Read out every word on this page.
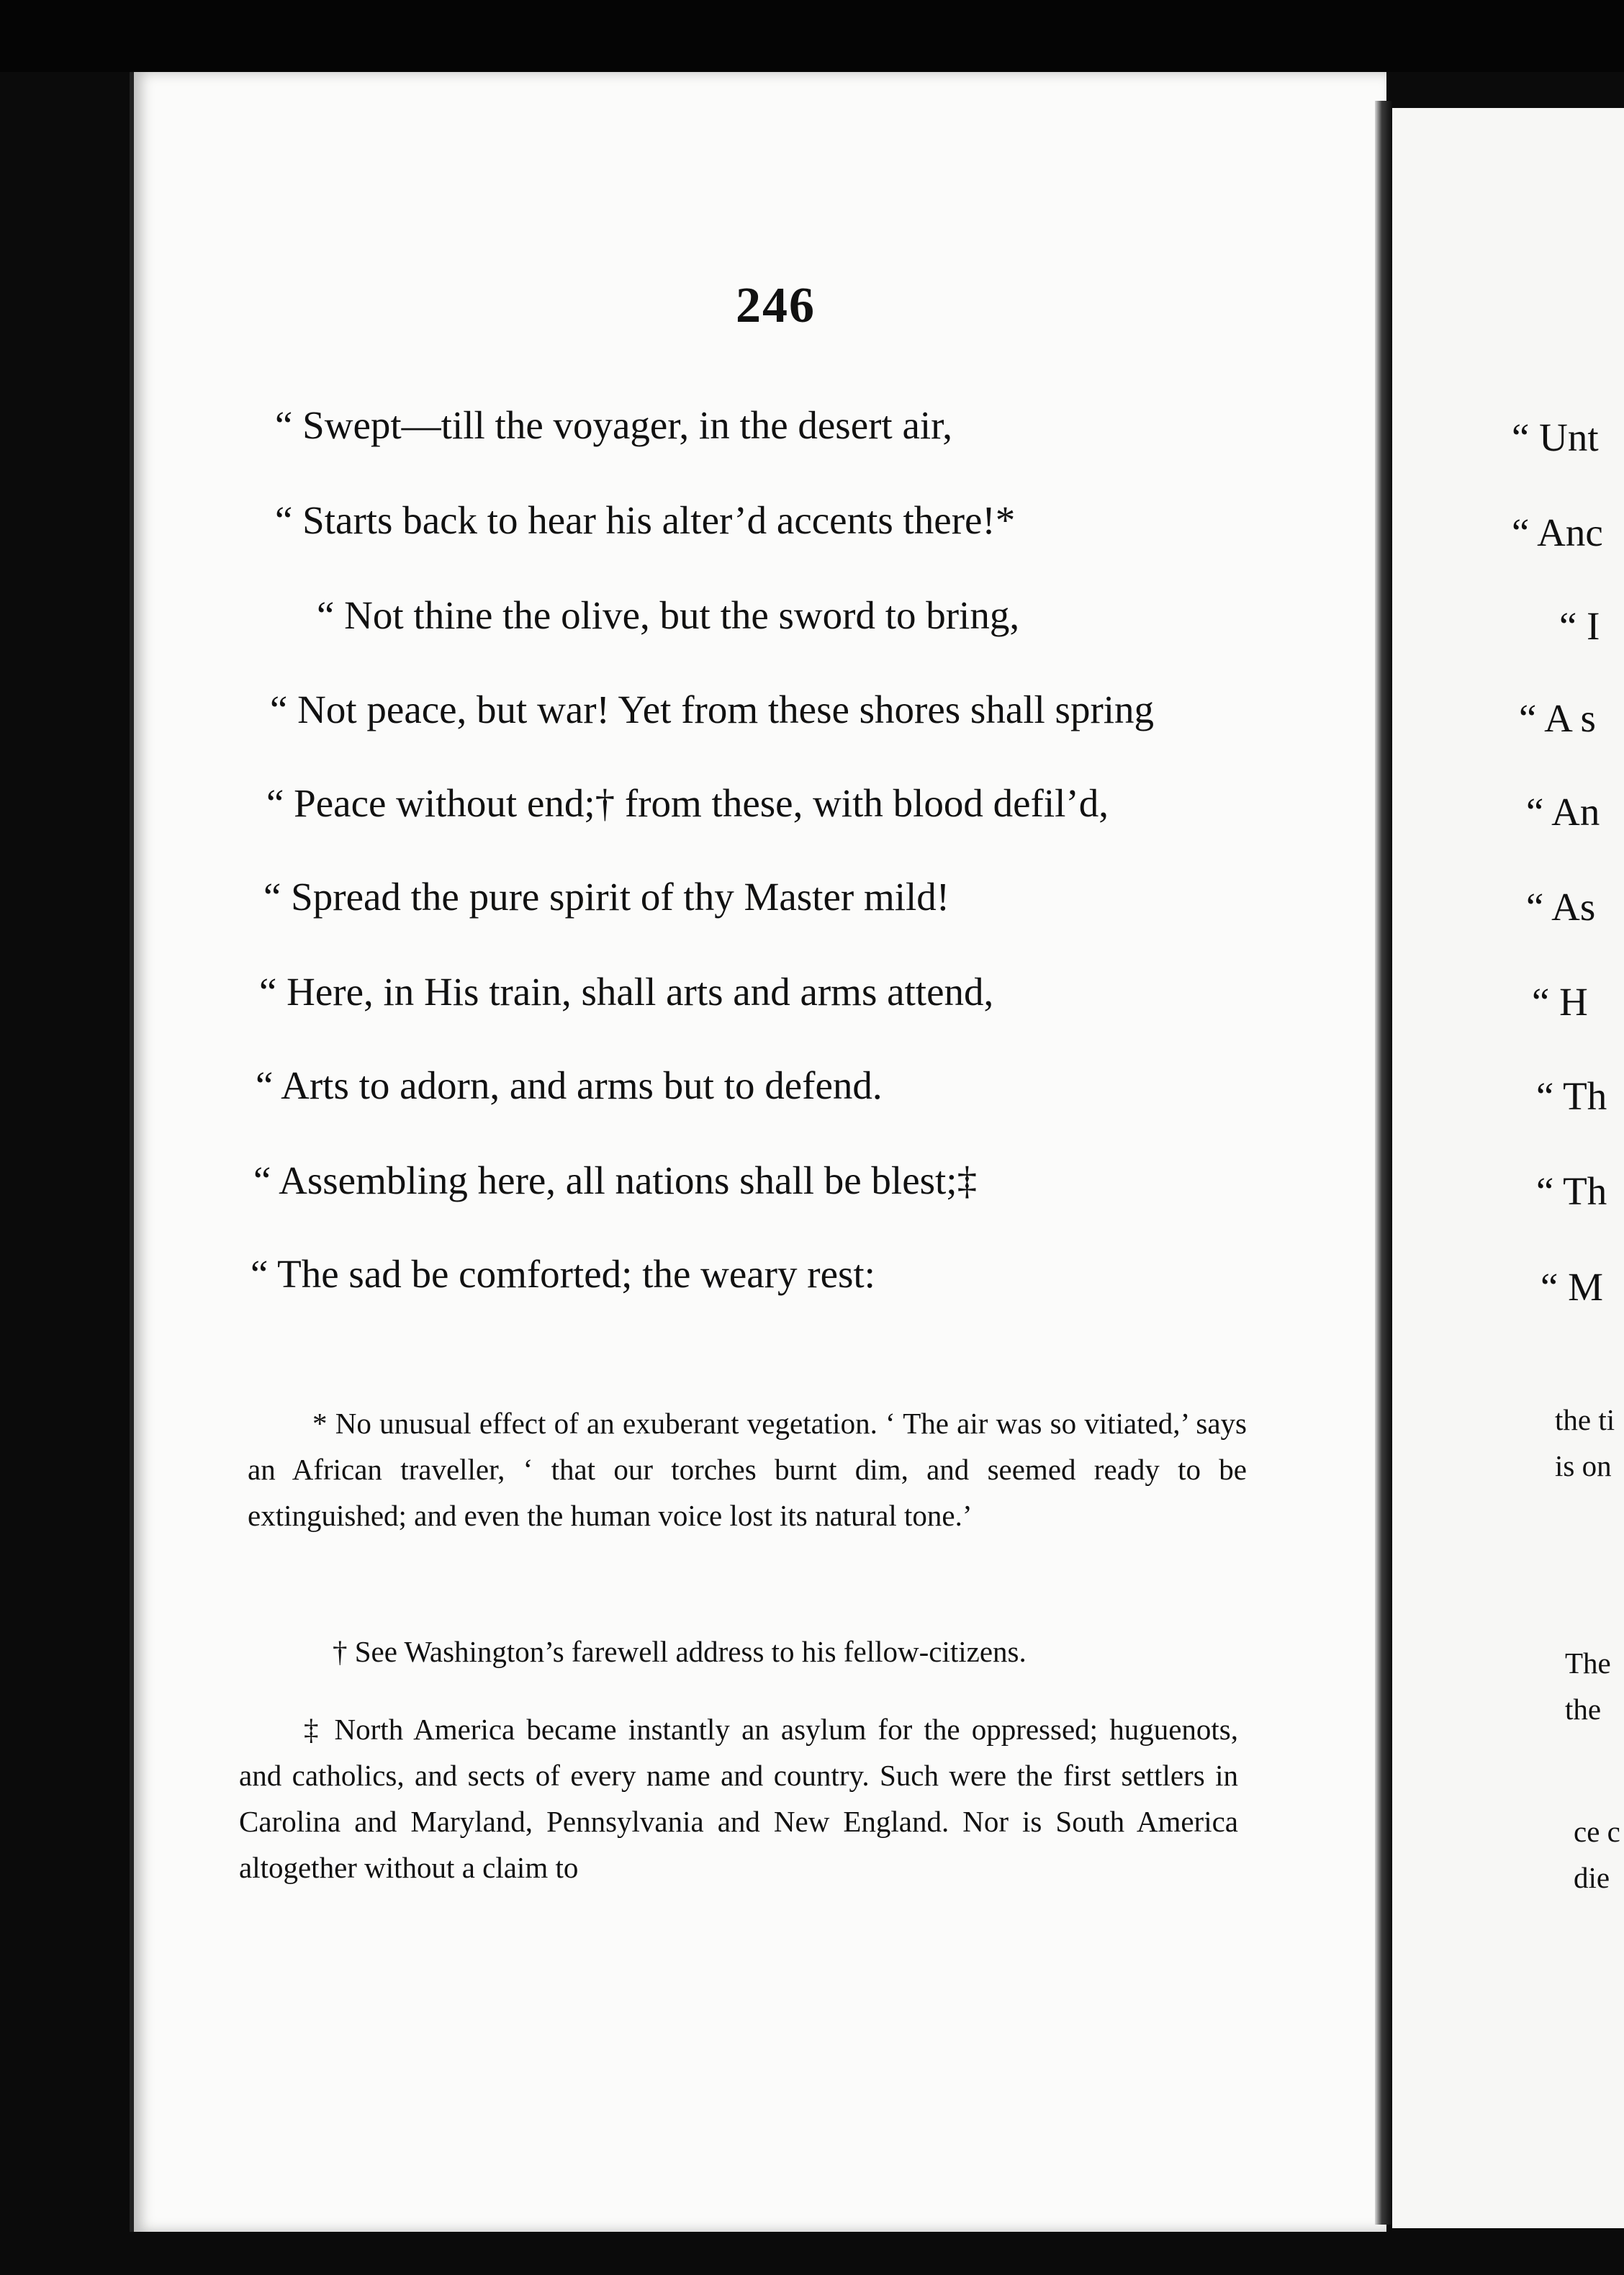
246
“ Swept—till the voyager, in the desert air,
“ Starts back to hear his alter’d accents there!*
“ Not thine the olive, but the sword to bring,
“ Not peace, but war! Yet from these shores shall spring
“ Peace without end;† from these, with blood defil’d,
“ Spread the pure spirit of thy Master mild!
“ Here, in His train, shall arts and arms attend,
“ Arts to adorn, and arms but to defend.
“ Assembling here, all nations shall be blest;‡
“ The sad be comforted; the weary rest:

* No unusual effect of an exuberant vegetation. ‘ The air was so vitiated,’ says an African traveller, ‘ that our torches burnt dim, and seemed ready to be extinguished; and even the human voice lost its natural tone.’

† See Washington’s farewell address to his fellow-citizens.

‡ North America became instantly an asylum for the oppressed; huguenots, and catholics, and sects of every name and country. Such were the first settlers in Carolina and Maryland, Pennsylvania and New England. Nor is South America altogether without a claim to

“ Unt
“ Anc
“ I
“ A s
“ An
“ As
“ H
“ Th
“ Th
“ M
the ti
is on
The
the
ce c
die
